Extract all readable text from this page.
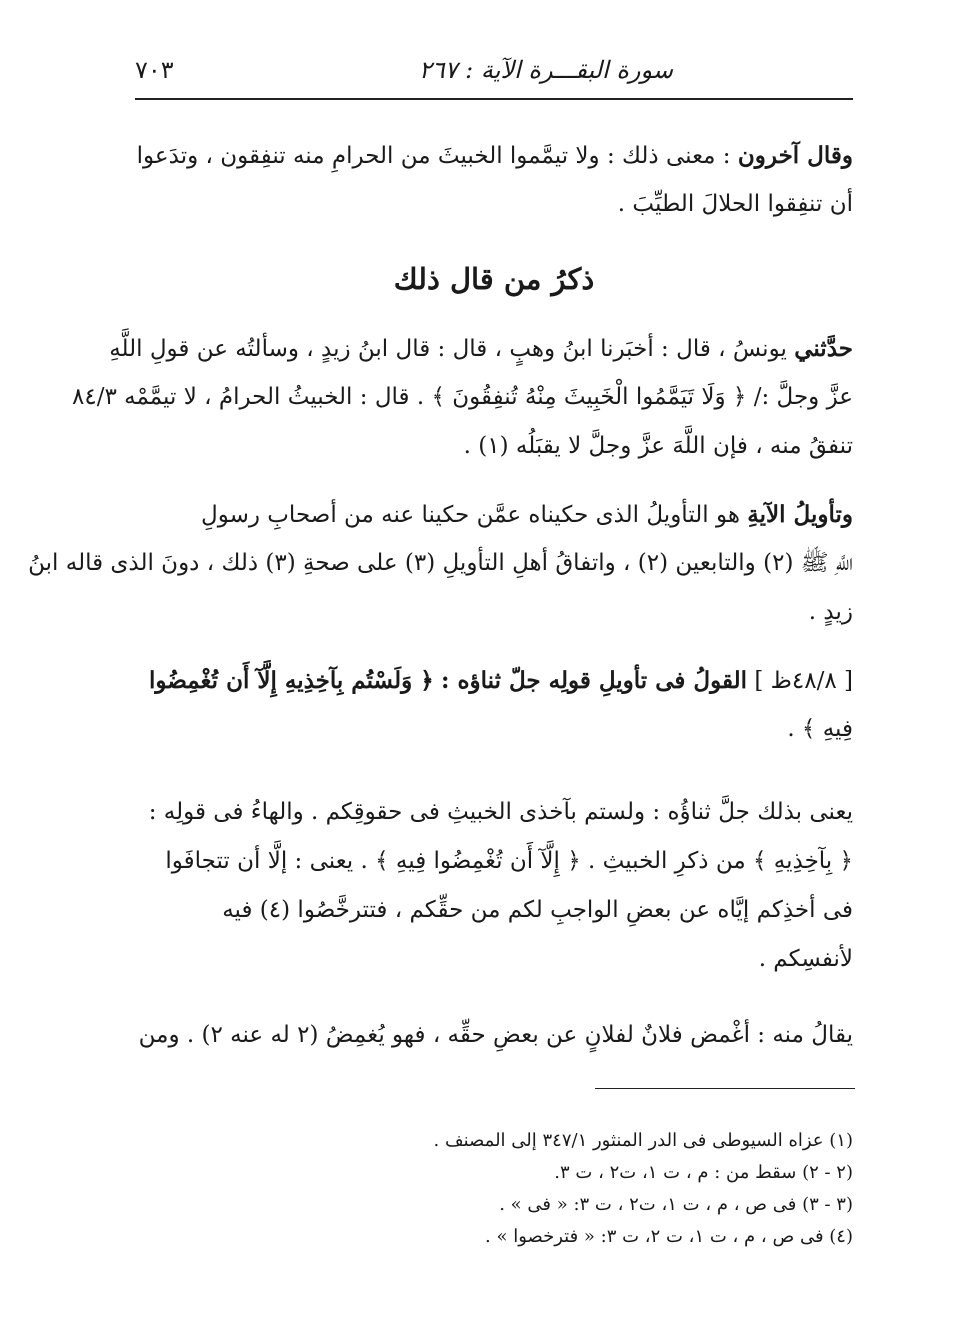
سورة البقـــرة الآية : ٢٦٧
٧٠٣
وقال آخرون : معنى ذلك : ولا تيمَّموا الخبيثَ من الحرامِ منه تنفِقون ، وتدَعوا
أن تنفِقوا الحلالَ الطيِّبَ .
ذكرُ من قال ذلك
حدَّثني يونسُ ، قال : أخبَرنا ابنُ وهبٍ ، قال : قال ابنُ زيدٍ ، وسألتُه عن قولِ اللَّهِ
عزَّ وجلَّ :/ ﴿ وَلَا تَيَمَّمُوا الْخَبِيثَ مِنْهُ تُنفِقُونَ ﴾ . قال : الخبيثُ الحرامُ ، لا تيمَّمْه ٨٤/٣
تنفقُ منه ، فإن اللَّهَ عزَّ وجلَّ لا يقبَلُه (١) .
وتأويلُ الآيةِ هو التأويلُ الذى حكيناه عمَّن حكينا عنه من أصحابِ رسولِ
اللَّهِ ﷺ (٢) والتابعين (٢) ، واتفاقُ أهلِ التأويلِ (٣) على صحةِ (٣) ذلك ، دونَ الذى قاله ابنُ
زيدٍ .
[ ٤٨/٨ظ ] القولُ فى تأويلِ قولِه جلّ ثناؤه : ﴿ وَلَسْتُم بِآخِذِيهِ إِلَّآ أَن تُغْمِضُوا
فِيهِ ﴾ .
يعنى بذلك جلَّ ثناؤُه : ولستم بآخذى الخبيثِ فى حقوقِكم . والهاءُ فى قولِه :
﴿ بِآخِذِيهِ ﴾ من ذكرِ الخبيثِ . ﴿ إِلَّآ أَن تُغْمِضُوا فِيهِ ﴾ . يعنى : إلَّا أن تتجافَوا
فى أخذِكم إيَّاه عن بعضِ الواجبِ لكم من حقِّكم ، فتترخَّصُوا (٤) فيه
لأنفسِكم .
يقالُ منه : أغْمض فلانٌ لفلانٍ عن بعضِ حقِّه ، فهو يُغمِضُ (٢ له عنه ٢) . ومن
(١) عزاه السيوطى فى الدر المنثور ٣٤٧/١ إلى المصنف .
(٢ - ٢) سقط من : م ، ت ١، ت٢ ، ت ٣.
(٣ - ٣) فى ص ، م ، ت ١، ت٢ ، ت ٣: « فى » .
(٤) فى ص ، م ، ت ١، ت ٢، ت ٣: « فترخصوا » .
